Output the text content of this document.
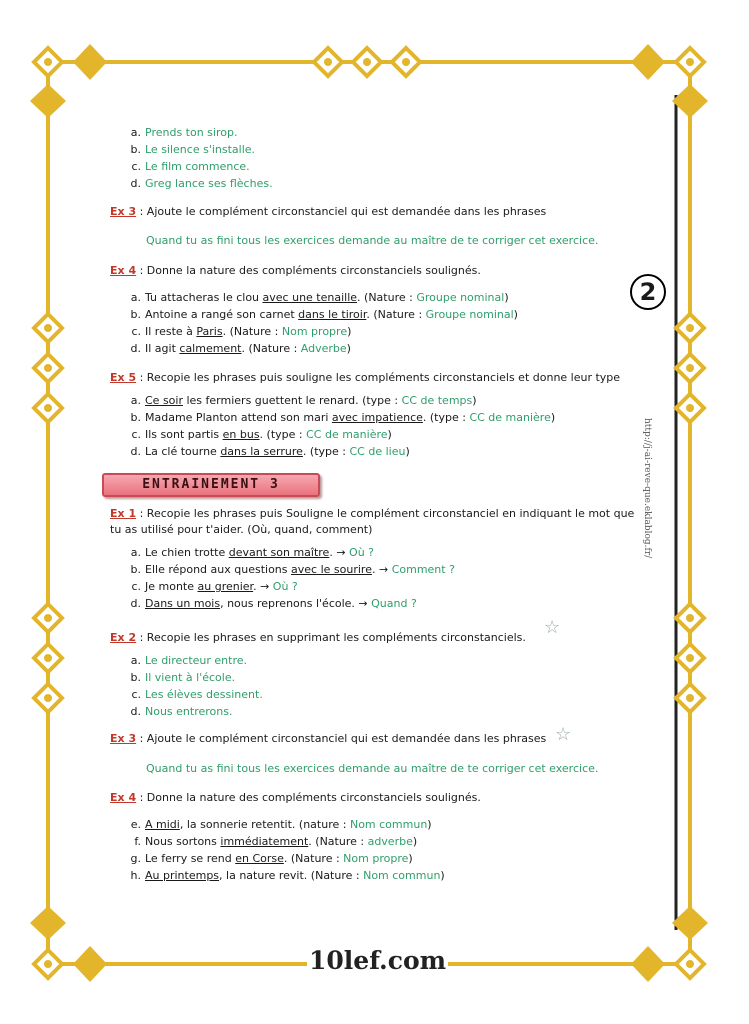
a. Prends ton sirop.
b. Le silence s'installe.
c. Le film commence.
d. Greg lance ses flèches.
Ex 3 : Ajoute le complément circonstanciel qui est demandée dans les phrases
Quand tu as fini tous les exercices demande au maître de te corriger cet exercice.
Ex 4 : Donne la nature des compléments circonstanciels soulignés.
a. Tu attacheras le clou avec une tenaille. (Nature : Groupe nominal)
b. Antoine a rangé son carnet dans le tiroir. (Nature : Groupe nominal)
c. Il reste à Paris. (Nature : Nom propre)
d. Il agit calmement. (Nature : Adverbe)
Ex 5 : Recopie les phrases puis souligne les compléments circonstanciels et donne leur type
a. Ce soir les fermiers guettent le renard. (type : CC de temps)
b. Madame Planton attend son mari avec impatience. (type : CC de manière)
c. Ils sont partis en bus. (type : CC de manière)
d. La clé tourne dans la serrure. (type : CC de lieu)
ENTRAINEMENT 3
2
http://j-ai-reve-que.eklablog.fr/
Ex 1 : Recopie les phrases puis Souligne le complément circonstanciel en indiquant le mot que
tu as utilisé pour t'aider. (Où, quand, comment)
a. Le chien trotte devant son maître. → Où ?
b. Elle répond aux questions avec le sourire. → Comment ?
c. Je monte au grenier. → Où ?
d. Dans un mois, nous reprenons l'école. → Quand ?
Ex 2 : Recopie les phrases en supprimant les compléments circonstanciels. ☆
a. Le directeur entre.
b. Il vient à l'école.
c. Les élèves dessinent.
d. Nous entrerons.
Ex 3 : Ajoute le complément circonstanciel qui est demandée dans les phrases ☆
Quand tu as fini tous les exercices demande au maître de te corriger cet exercice.
Ex 4 : Donne la nature des compléments circonstanciels soulignés.
e. A midi, la sonnerie retentit. (nature : Nom commun)
f. Nous sortons immédiatement. (Nature : adverbe)
g. Le ferry se rend en Corse. (Nature : Nom propre)
h. Au printemps, la nature revit. (Nature : Nom commun)
10lef.com
